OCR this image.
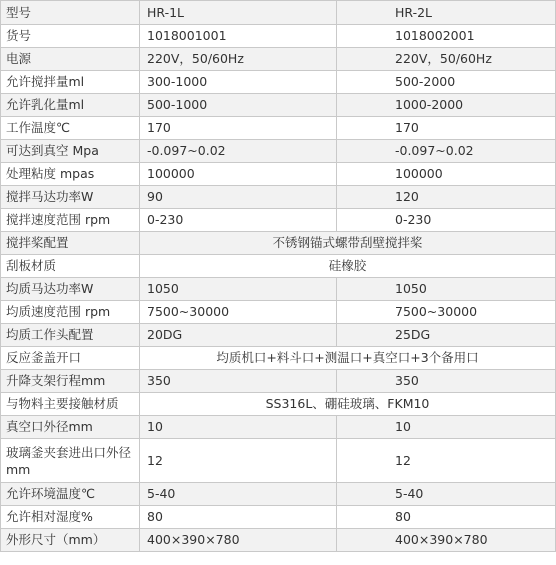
型号	HR-1L	HR-2L
货号	1018001001	1018002001
电源	220V，50/60Hz	220V，50/60Hz
允许搅拌量ml	300-1000	500-2000
允许乳化量ml	500-1000	1000-2000
工作温度℃	170	170
可达到真空 Mpa	-0.097~0.02	-0.097~0.02
处理粘度 mpas	100000	100000
搅拌马达功率W	90	120
搅拌速度范围 rpm	0-230	0-230
搅拌桨配置	不锈钢锚式螺带刮壁搅拌桨	
刮板材质	硅橡胶	
均质马达功率W	1050	1050
均质速度范围 rpm	7500~30000	7500~30000
均质工作头配置	20DG	25DG
反应釜盖开口	均质机口+料斗口+测温口+真空口+3个备用口	
升降支架行程mm	350	350
与物料主要接触材质	SS316L、硼硅玻璃、FKM10	
真空口外径mm	10	10
玻璃釜夹套进出口外径mm	12	12
允许环境温度℃	5-40	5-40
允许相对湿度%	80	80
外形尺寸（mm）	400×390×780	400×390×780
